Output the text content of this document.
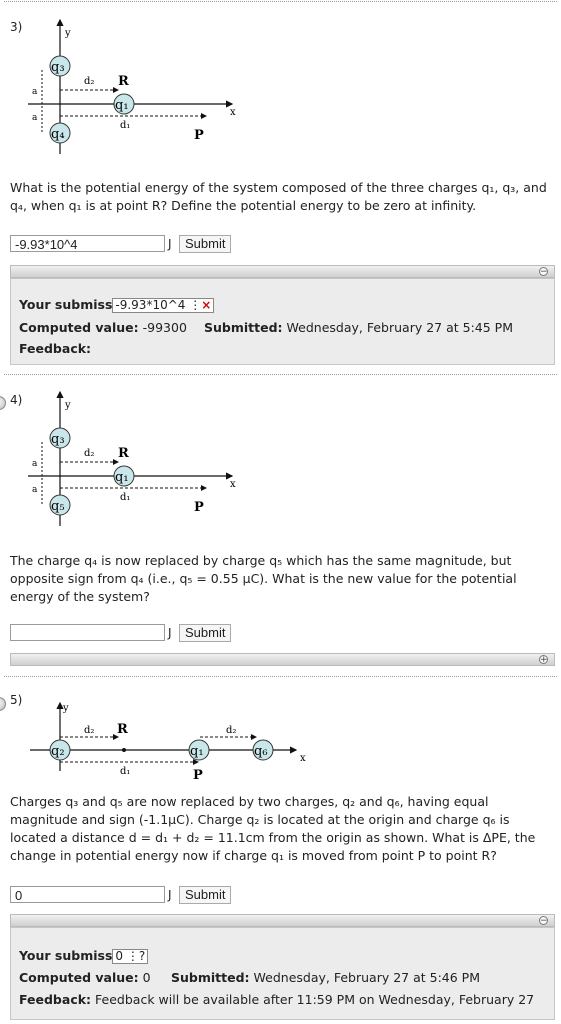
3)	y
x
d₂
d₁
a
a
R
P
q₃
q₁
q₄
What is the potential energy of the system composed of the three charges q₁, q₃, and q₄, when q₁ is at point R? Define the potential energy to be zero at infinity.
-9.93*10^4	J	Submit
−
Your submiss -9.93*10^4 ⋮×
Computed value: -99300 Submitted: Wednesday, February 27 at 5:45 PM
Feedback:
4)	y
x
d₂
d₁
a
a
R
P
q₃
q₁
q₅
The charge q₄ is now replaced by charge q₅ which has the same magnitude, but opposite sign from q₄ (i.e., q₅ = 0.55 μC). What is the new value for the potential energy of the system?
J	Submit
+
5)
y
x
d₂ R
d₁	P
d₂
q₂	q₁	q₆
Charges q₃ and q₅ are now replaced by two charges, q₂ and q₆, having equal magnitude and sign (-1.1μC). Charge q₂ is located at the origin and charge q₆ is located a distance d = d₁ + d₂ = 11.1cm from the origin as shown. What is ΔPE, the change in potential energy now if charge q₁ is moved from point P to point R?
0	J	Submit
−
Your submiss 0 ⋮?
Computed value: 0 Submitted: Wednesday, February 27 at 5:46 PM
Feedback: Feedback will be available after 11:59 PM on Wednesday, February 27
